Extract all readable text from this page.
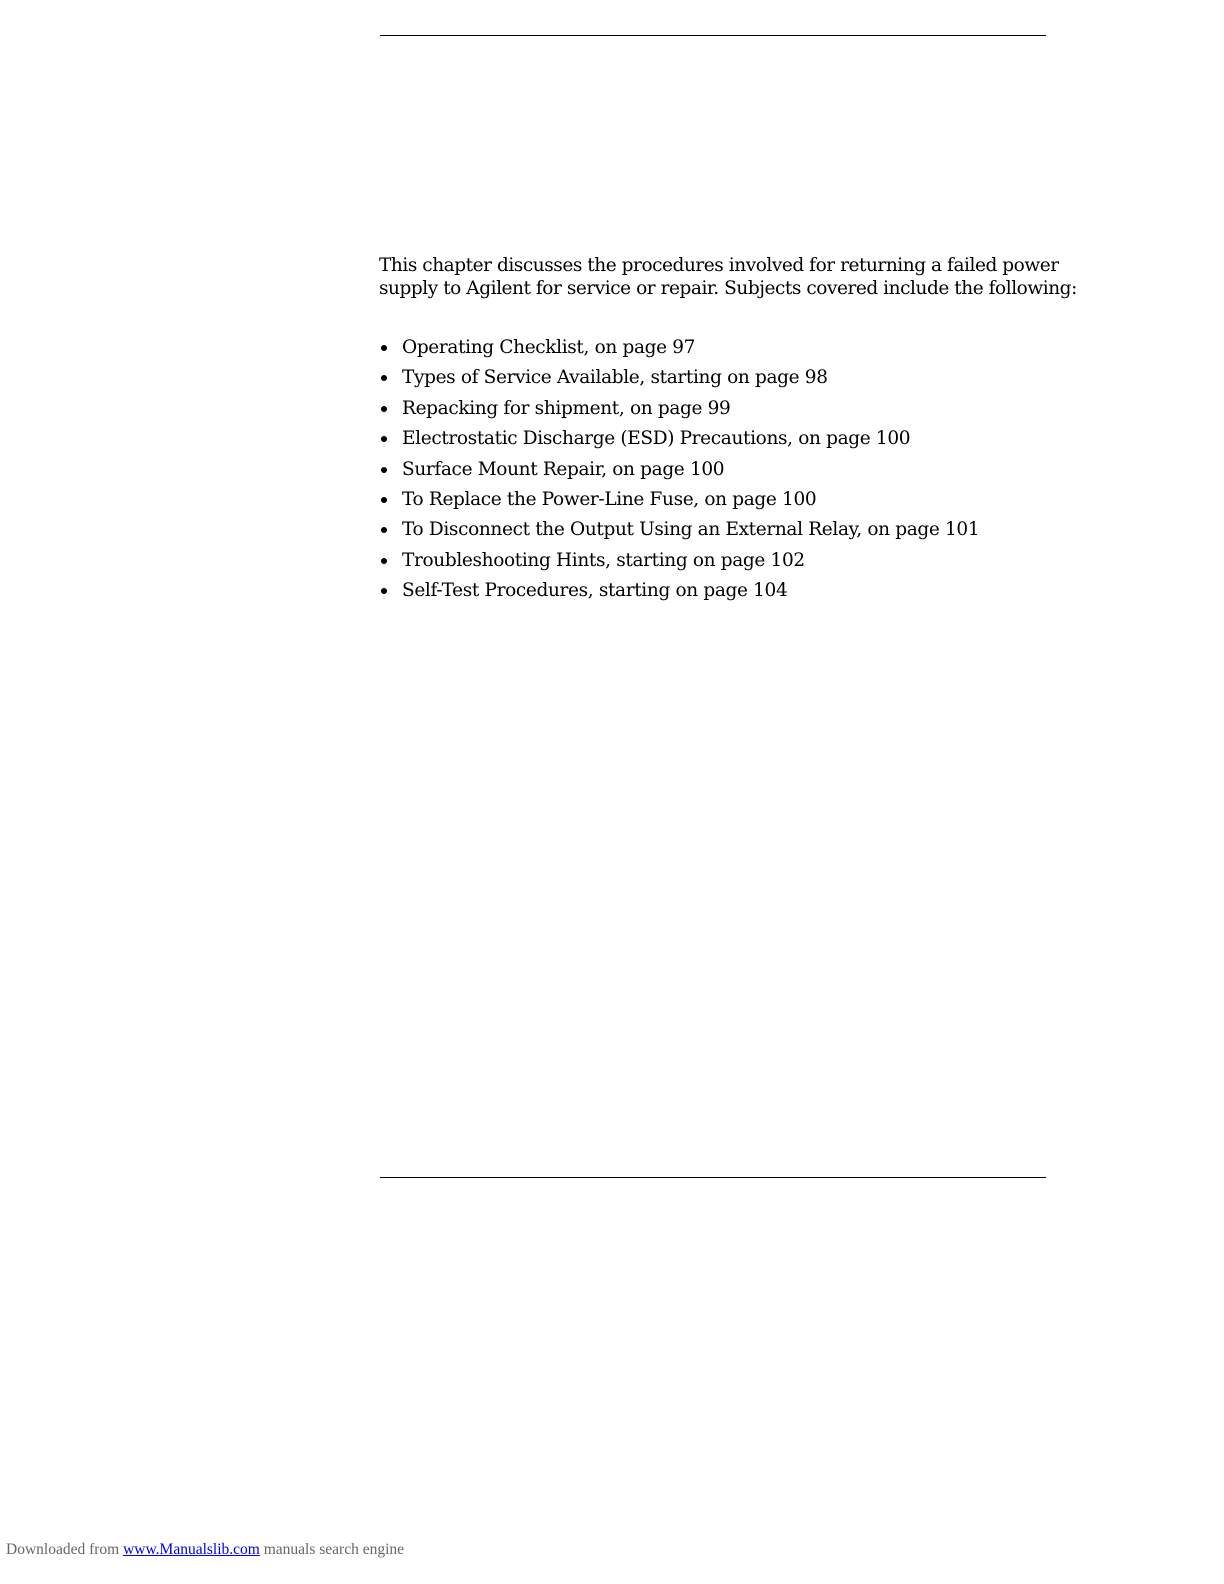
This chapter discusses the procedures involved for returning a failed power
supply to Agilent for service or repair. Subjects covered include the following:

Operating Checklist, on page 97
Types of Service Available, starting on page 98
Repacking for shipment, on page 99
Electrostatic Discharge (ESD) Precautions, on page 100
Surface Mount Repair, on page 100
To Replace the Power-Line Fuse, on page 100
To Disconnect the Output Using an External Relay, on page 101
Troubleshooting Hints, starting on page 102
Self-Test Procedures, starting on page 104
Downloaded from www.Manualslib.com manuals search engine
